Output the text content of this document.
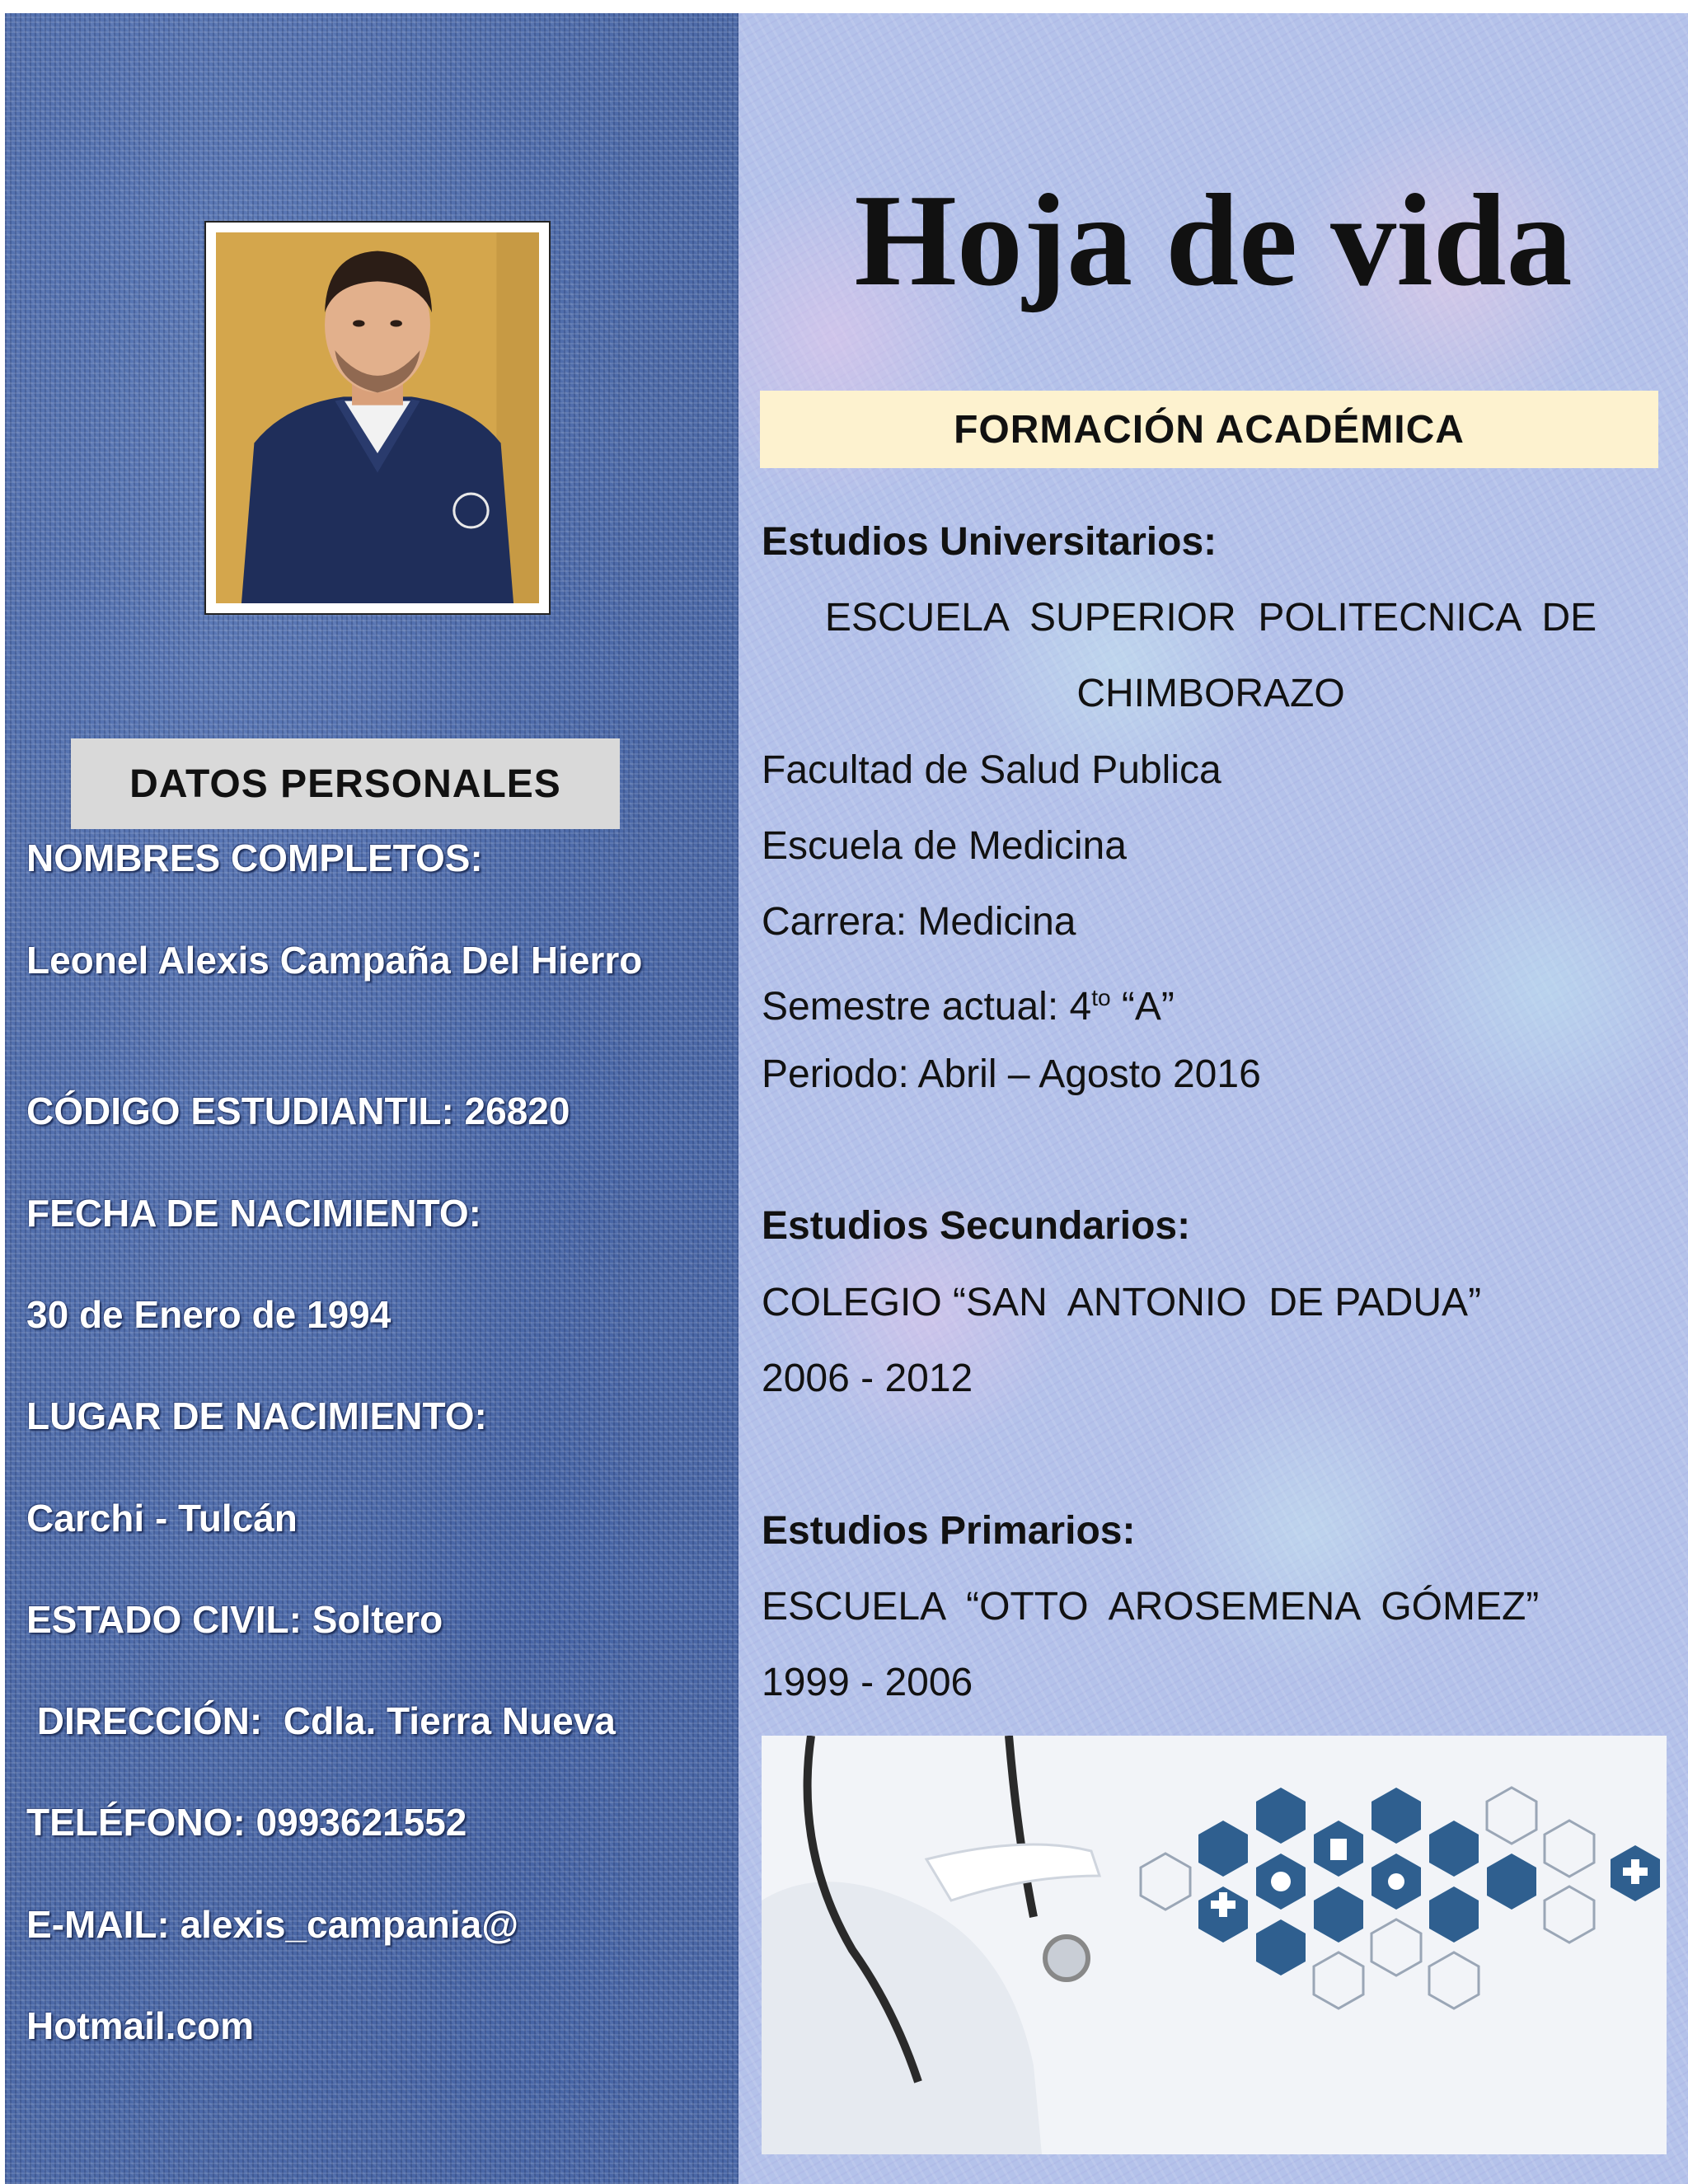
DATOS PERSONALES
NOMBRES COMPLETOS:
Leonel Alexis Campaña Del Hierro
CÓDIGO ESTUDIANTIL: 26820
FECHA DE NACIMIENTO:
30 de Enero de 1994
LUGAR DE NACIMIENTO:
Carchi - Tulcán
ESTADO CIVIL: Soltero
DIRECCIÓN:  Cdla. Tierra Nueva
TELÉFONO: 0993621552
E-MAIL: alexis_campania@
Hotmail.com
Hoja de vida
FORMACIÓN ACADÉMICA
Estudios Universitarios:
ESCUELA  SUPERIOR  POLITECNICA  DE
CHIMBORAZO
Facultad de Salud Publica
Escuela de Medicina
Carrera: Medicina
Semestre actual: $4^{to}$ “A”
Periodo: Abril – Agosto 2016
Estudios Secundarios:
COLEGIO “SAN  ANTONIO  DE PADUA”
2006 - 2012
Estudios Primarios:
ESCUELA  “OTTO  AROSEMENA  GÓMEZ”
1999 - 2006
